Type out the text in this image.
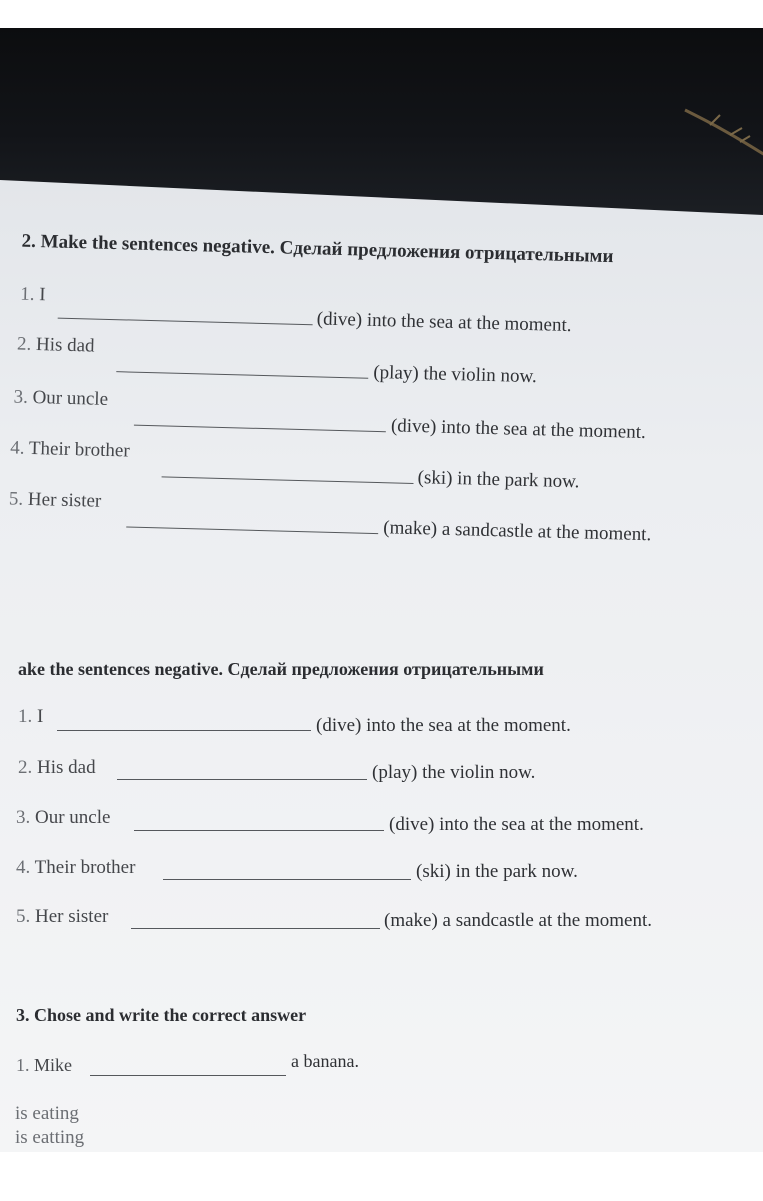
2. Make the sentences negative. Сделай предложения отрицательными
1. I
(dive) into the sea at the moment.
2. His dad
(play) the violin now.
3. Our uncle
(dive) into the sea at the moment.
4. Their brother
(ski) in the park now.
5. Her sister
(make) a sandcastle at the moment.
ake the sentences negative. Сделай предложения отрицательными
1. I	(dive) into the sea at the moment.
2. His dad	(play) the violin now.
3. Our uncle	(dive) into the sea at the moment.
4. Their brother	(ski) in the park now.
5. Her sister	(make) a sandcastle at the moment.
3. Chose and write the correct answer
1. Mike	a banana.
is eating
is eatting
